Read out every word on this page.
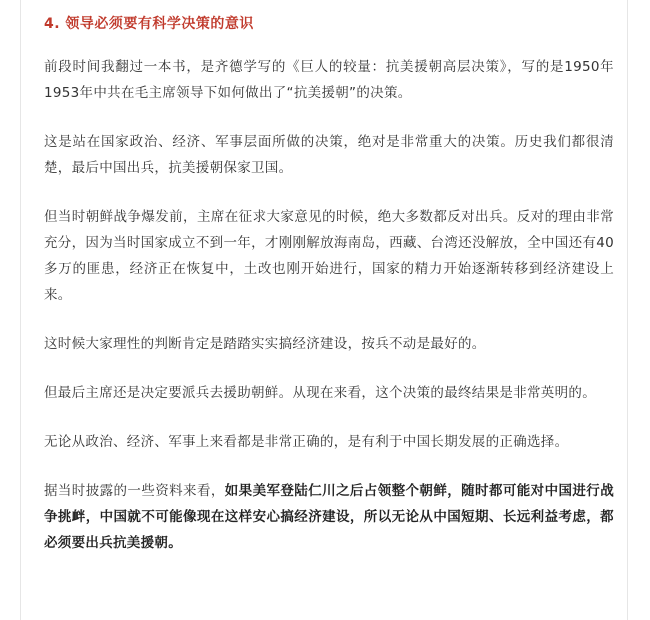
4. 领导必须要有科学决策的意识

前段时间我翻过一本书，是齐德学写的《巨人的较量：抗美援朝高层决策》，写的是1950年1953年中共在毛主席领导下如何做出了“抗美援朝”的决策。

这是站在国家政治、经济、军事层面所做的决策，绝对是非常重大的决策。历史我们都很清楚，最后中国出兵，抗美援朝保家卫国。

但当时朝鲜战争爆发前，主席在征求大家意见的时候，绝大多数都反对出兵。反对的理由非常充分，因为当时国家成立不到一年，才刚刚解放海南岛，西藏、台湾还没解放，全中国还有40多万的匪患，经济正在恢复中，土改也刚开始进行，国家的精力开始逐渐转移到经济建设上来。

这时候大家理性的判断肯定是踏踏实实搞经济建设，按兵不动是最好的。

但最后主席还是决定要派兵去援助朝鲜。从现在来看，这个决策的最终结果是非常英明的。

无论从政治、经济、军事上来看都是非常正确的，是有利于中国长期发展的正确选择。

据当时披露的一些资料来看，如果美军登陆仁川之后占领整个朝鲜，随时都可能对中国进行战争挑衅，中国就不可能像现在这样安心搞经济建设，所以无论从中国短期、长远利益考虑，都必须要出兵抗美援朝。
